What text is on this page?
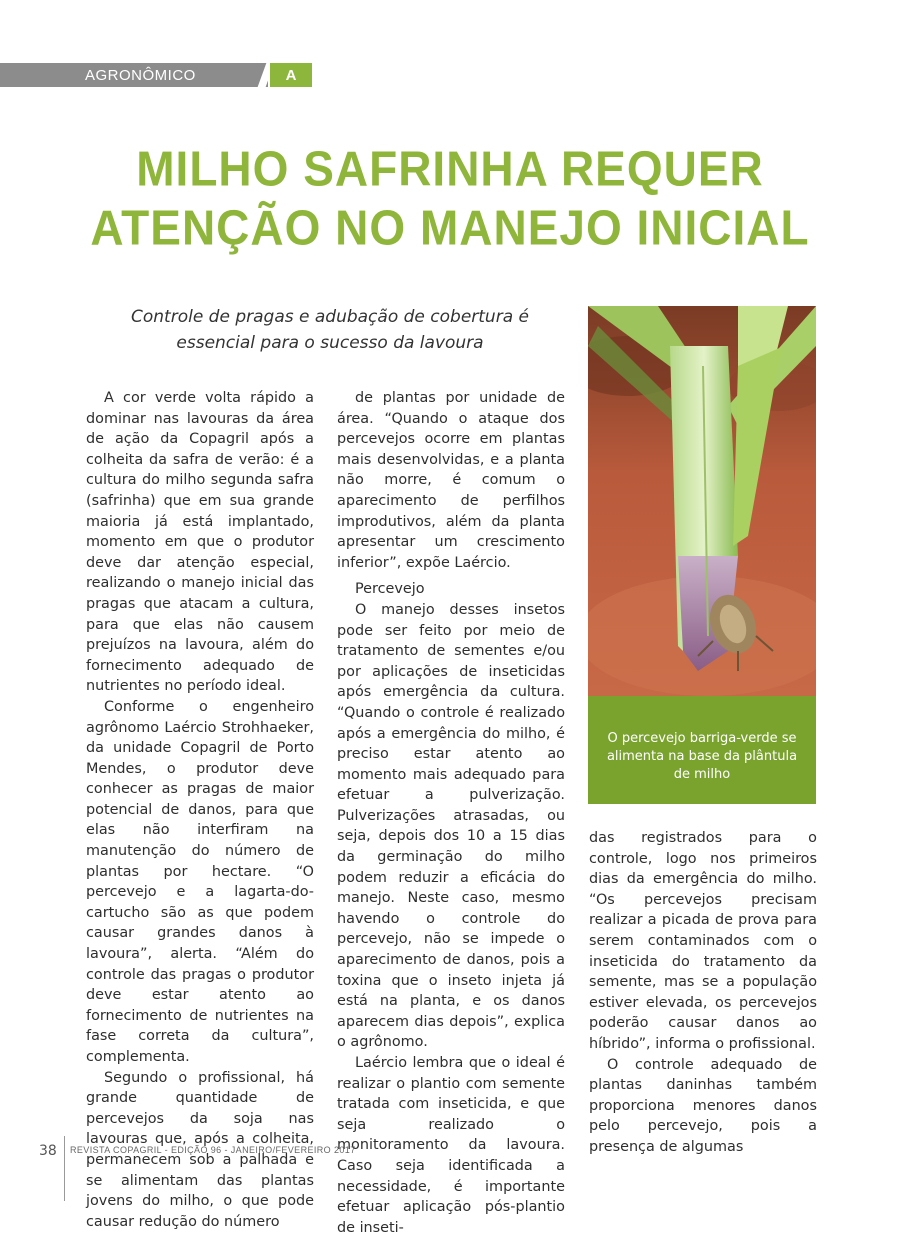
AGRONÔMICO	A
MILHO SAFRINHA REQUER
ATENÇÃO NO MANEJO INICIAL
Controle de pragas e adubação de cobertura é
essencial para o sucesso da lavoura

A cor verde volta rápido a dominar nas lavouras da área de ação da Copagril após a colheita da safra de verão: é a cultura do milho segunda safra (safrinha) que em sua grande maioria já está implantado, momento em que o produtor deve dar atenção especial, realizando o manejo inicial das pragas que atacam a cultura, para que elas não causem prejuízos na lavoura, além do fornecimento adequado de nutrientes no período ideal.

Conforme o engenheiro agrônomo Laércio Strohhaeker, da unidade Copagril de Porto Mendes, o produtor deve conhecer as pragas de maior potencial de danos, para que elas não interfiram na manutenção do número de plantas por hectare. “O percevejo e a lagarta-do-cartucho são as que podem causar grandes danos à lavoura”, alerta. “Além do controle das pragas o produtor deve estar atento ao fornecimento de nutrientes na fase correta da cultura”, complementa.

Segundo o profissional, há grande quantidade de percevejos da soja nas lavouras que, após a colheita, permanecem sob a palhada e se alimentam das plantas jovens do milho, o que pode causar redução do número

de plantas por unidade de área. “Quando o ataque dos percevejos ocorre em plantas mais desenvolvidas, e a planta não morre, é comum o aparecimento de perfilhos improdutivos, além da planta apresentar um crescimento inferior”, expõe Laércio.

Percevejo

O manejo desses insetos pode ser feito por meio de tratamento de sementes e/ou por aplicações de inseticidas após emergência da cultura. “Quando o controle é realizado após a emergência do milho, é preciso estar atento ao momento mais adequado para efetuar a pulverização. Pulverizações atrasadas, ou seja, depois dos 10 a 15 dias da germinação do milho podem reduzir a eficácia do manejo. Neste caso, mesmo havendo o controle do percevejo, não se impede o aparecimento de danos, pois a toxina que o inseto injeta já está na planta, e os danos aparecem dias depois”, explica o agrônomo.

Laércio lembra que o ideal é realizar o plantio com semente tratada com inseticida, e que seja realizado o monitoramento da lavoura. Caso seja identificada a necessidade, é importante efetuar aplicação pós-plantio de inseti-

O percevejo barriga-verde se alimenta na base da plântula de milho

das registrados para o controle, logo nos primeiros dias da emergência do milho. “Os percevejos precisam realizar a picada de prova para serem contaminados com o inseticida do tratamento da semente, mas se a população estiver elevada, os percevejos poderão causar danos ao híbrido”, informa o profissional.

O controle adequado de plantas daninhas também proporciona menores danos pelo percevejo, pois a presença de algumas

38 REVISTA COPAGRIL - EDIÇÃO 96 - JANEIRO/FEVEREIRO 2017
